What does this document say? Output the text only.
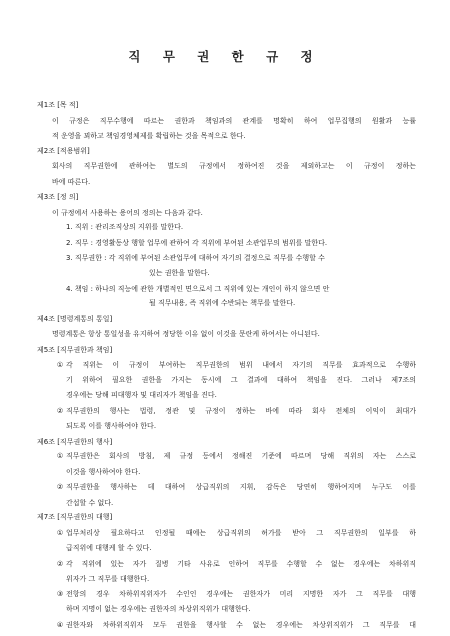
직 무 권 한 규 정
제1조 [목 적]
이 규정은 직무수행에 따르는 권한과 책임과의 관계를 명확히 하여 업무집행의 원활과 능률
적 운영을 꾀하고 책임경영체제를 확립하는 것을 목적으로 한다.
제2조 [적용범위]
회사의 직무권한에 관하여는 별도의 규정에서 정하여진 것을 제외하고는 이 규정이 정하는
바에 따른다.
제3조 [정 의]
이 규정에서 사용하는 용어의 정의는 다음과 같다.
1. 직위 : 관리조직상의 지위를 말한다.
2. 직무 : 경영활동상 행할 업무에 관하여 각 직위에 부여된 소관업무의 범위를 말한다.
3. 직무권한 : 각 직위에 부여된 소관업무에 대하여 자기의 결정으로 직무를 수행할 수
있는 권한을 말한다.
4. 책임 : 하나의 직능에 관한 개별적인 면으로서 그 직위에 있는 개인이 하지 않으면 안
될 직무내용, 즉 직위에 수반되는 책무를 말한다.
제4조 [명령계통의 통일]
명령계통은 항상 통일성을 유지하여 정당한 이유 없이 이것을 문란케 하여서는 아니된다.
제5조 [직무권한과 책임]
① 각 직위는 이 규정이 부여하는 직무권한의 범위 내에서 자기의 직무를 효과적으로 수행하
기 위하여 필요한 권한을 가지는 동시에 그 결과에 대하여 책임을 진다. 그러나 제7조의
경우에는 당해 피대행자 및 대리자가 책임을 진다.
② 직무권한의 행사는 법령, 정관 및 규정이 정하는 바에 따라 회사 전체의 이익이 최대가
되도록 이를 행사하여야 한다.
제6조 [직무권한의 행사]
① 직무권한은 회사의 방침, 제 규정 등에서 정해진 기준에 따르며 당해 직위의 자는 스스로
이것을 행사하여야 한다.
② 직무권한을 행사하는 데 대하여 상급직위의 지휘, 감독은 당연히 행하여지며 누구도 이를
간섭할 수 없다.
제7조 [직무권한의 대행]
① 업무처리상 필요하다고 인정될 때에는 상급직위의 허가를 받아 그 직무권한의 일부를 하
급직위에 대행케 할 수 있다.
② 각 직위에 있는 자가 질병 기타 사유로 인하여 직무를 수행할 수 없는 경우에는 차하위직
위자가 그 직무를 대행한다.
③ 전항의 경우 차하위직위자가 수인인 경우에는 권한자가 미리 지명한 자가 그 직무를 대행
하며 지명이 없는 경우에는 권한자의 차상위직위가 대행한다.
④ 권한자와 차하위직위자 모두 권한을 행사할 수 없는 경우에는 차상위직위가 그 직무를 대
